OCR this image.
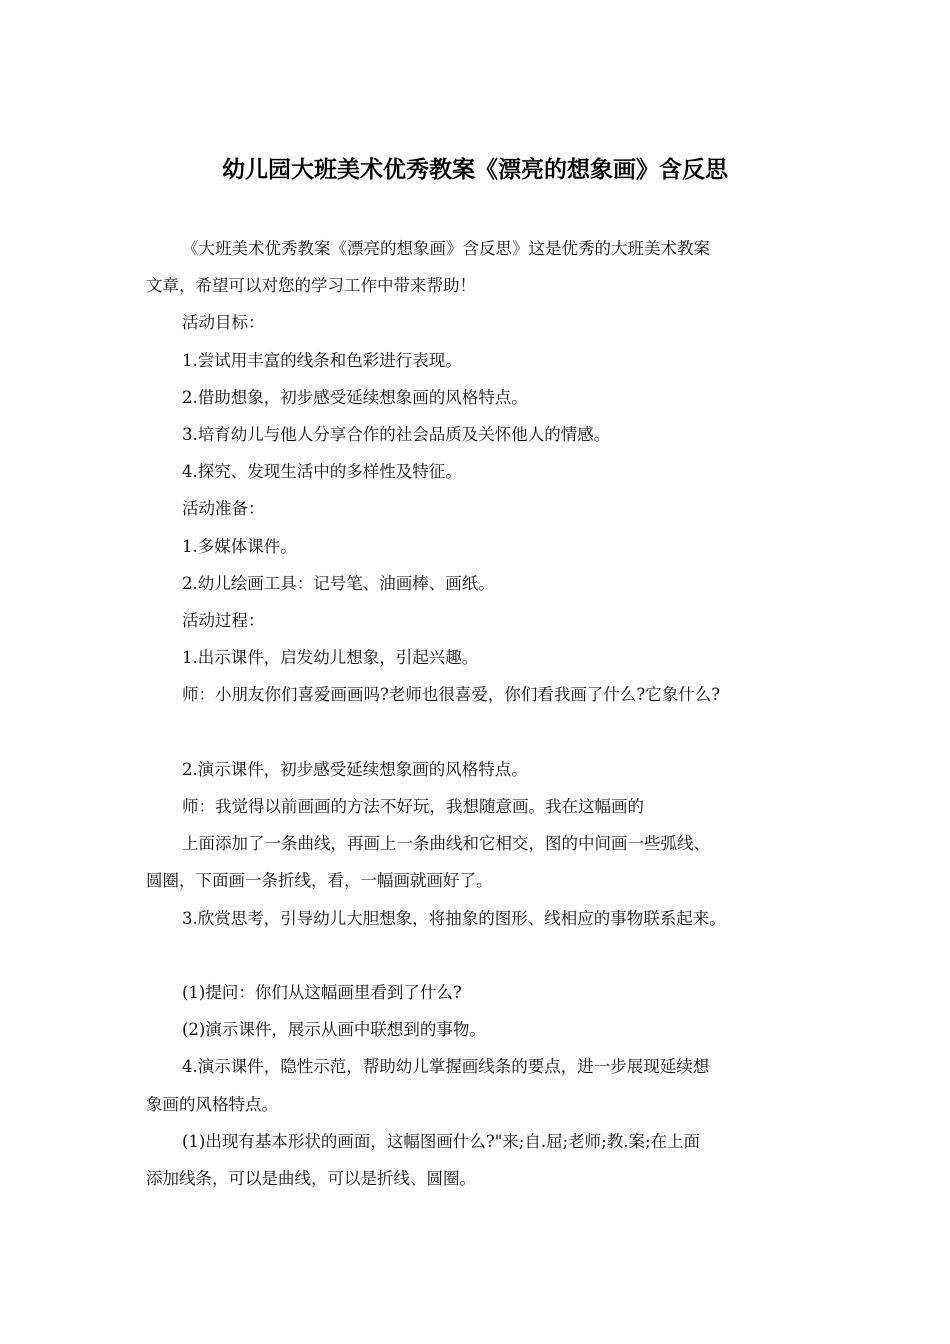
幼儿园大班美术优秀教案《漂亮的想象画》含反思

《大班美术优秀教案《漂亮的想象画》含反思》这是优秀的大班美术教案

文章，希望可以对您的学习工作中带来帮助！

活动目标：

1.尝试用丰富的线条和色彩进行表现。

2.借助想象，初步感受延续想象画的风格特点。

3.培育幼儿与他人分享合作的社会品质及关怀他人的情感。

4.探究、发现生活中的多样性及特征。

活动准备：

1.多媒体课件。

2.幼儿绘画工具：记号笔、油画棒、画纸。

活动过程：

1.出示课件，启发幼儿想象，引起兴趣。

师：小朋友你们喜爱画画吗?老师也很喜爱，你们看我画了什么?它象什么?

2.演示课件，初步感受延续想象画的风格特点。

师：我觉得以前画画的方法不好玩，我想随意画。我在这幅画的

上面添加了一条曲线，再画上一条曲线和它相交，图的中间画一些弧线、

圆圈，下面画一条折线，看，一幅画就画好了。

3.欣赏思考，引导幼儿大胆想象，将抽象的图形、线相应的事物联系起来。

(1)提问：你们从这幅画里看到了什么?

(2)演示课件，展示从画中联想到的事物。

4.演示课件，隐性示范，帮助幼儿掌握画线条的要点，进一步展现延续想

象画的风格特点。

(1)出现有基本形状的画面，这幅图画什么?"来;自.屈;老师;教.案;在上面

添加线条，可以是曲线，可以是折线、圆圈。
